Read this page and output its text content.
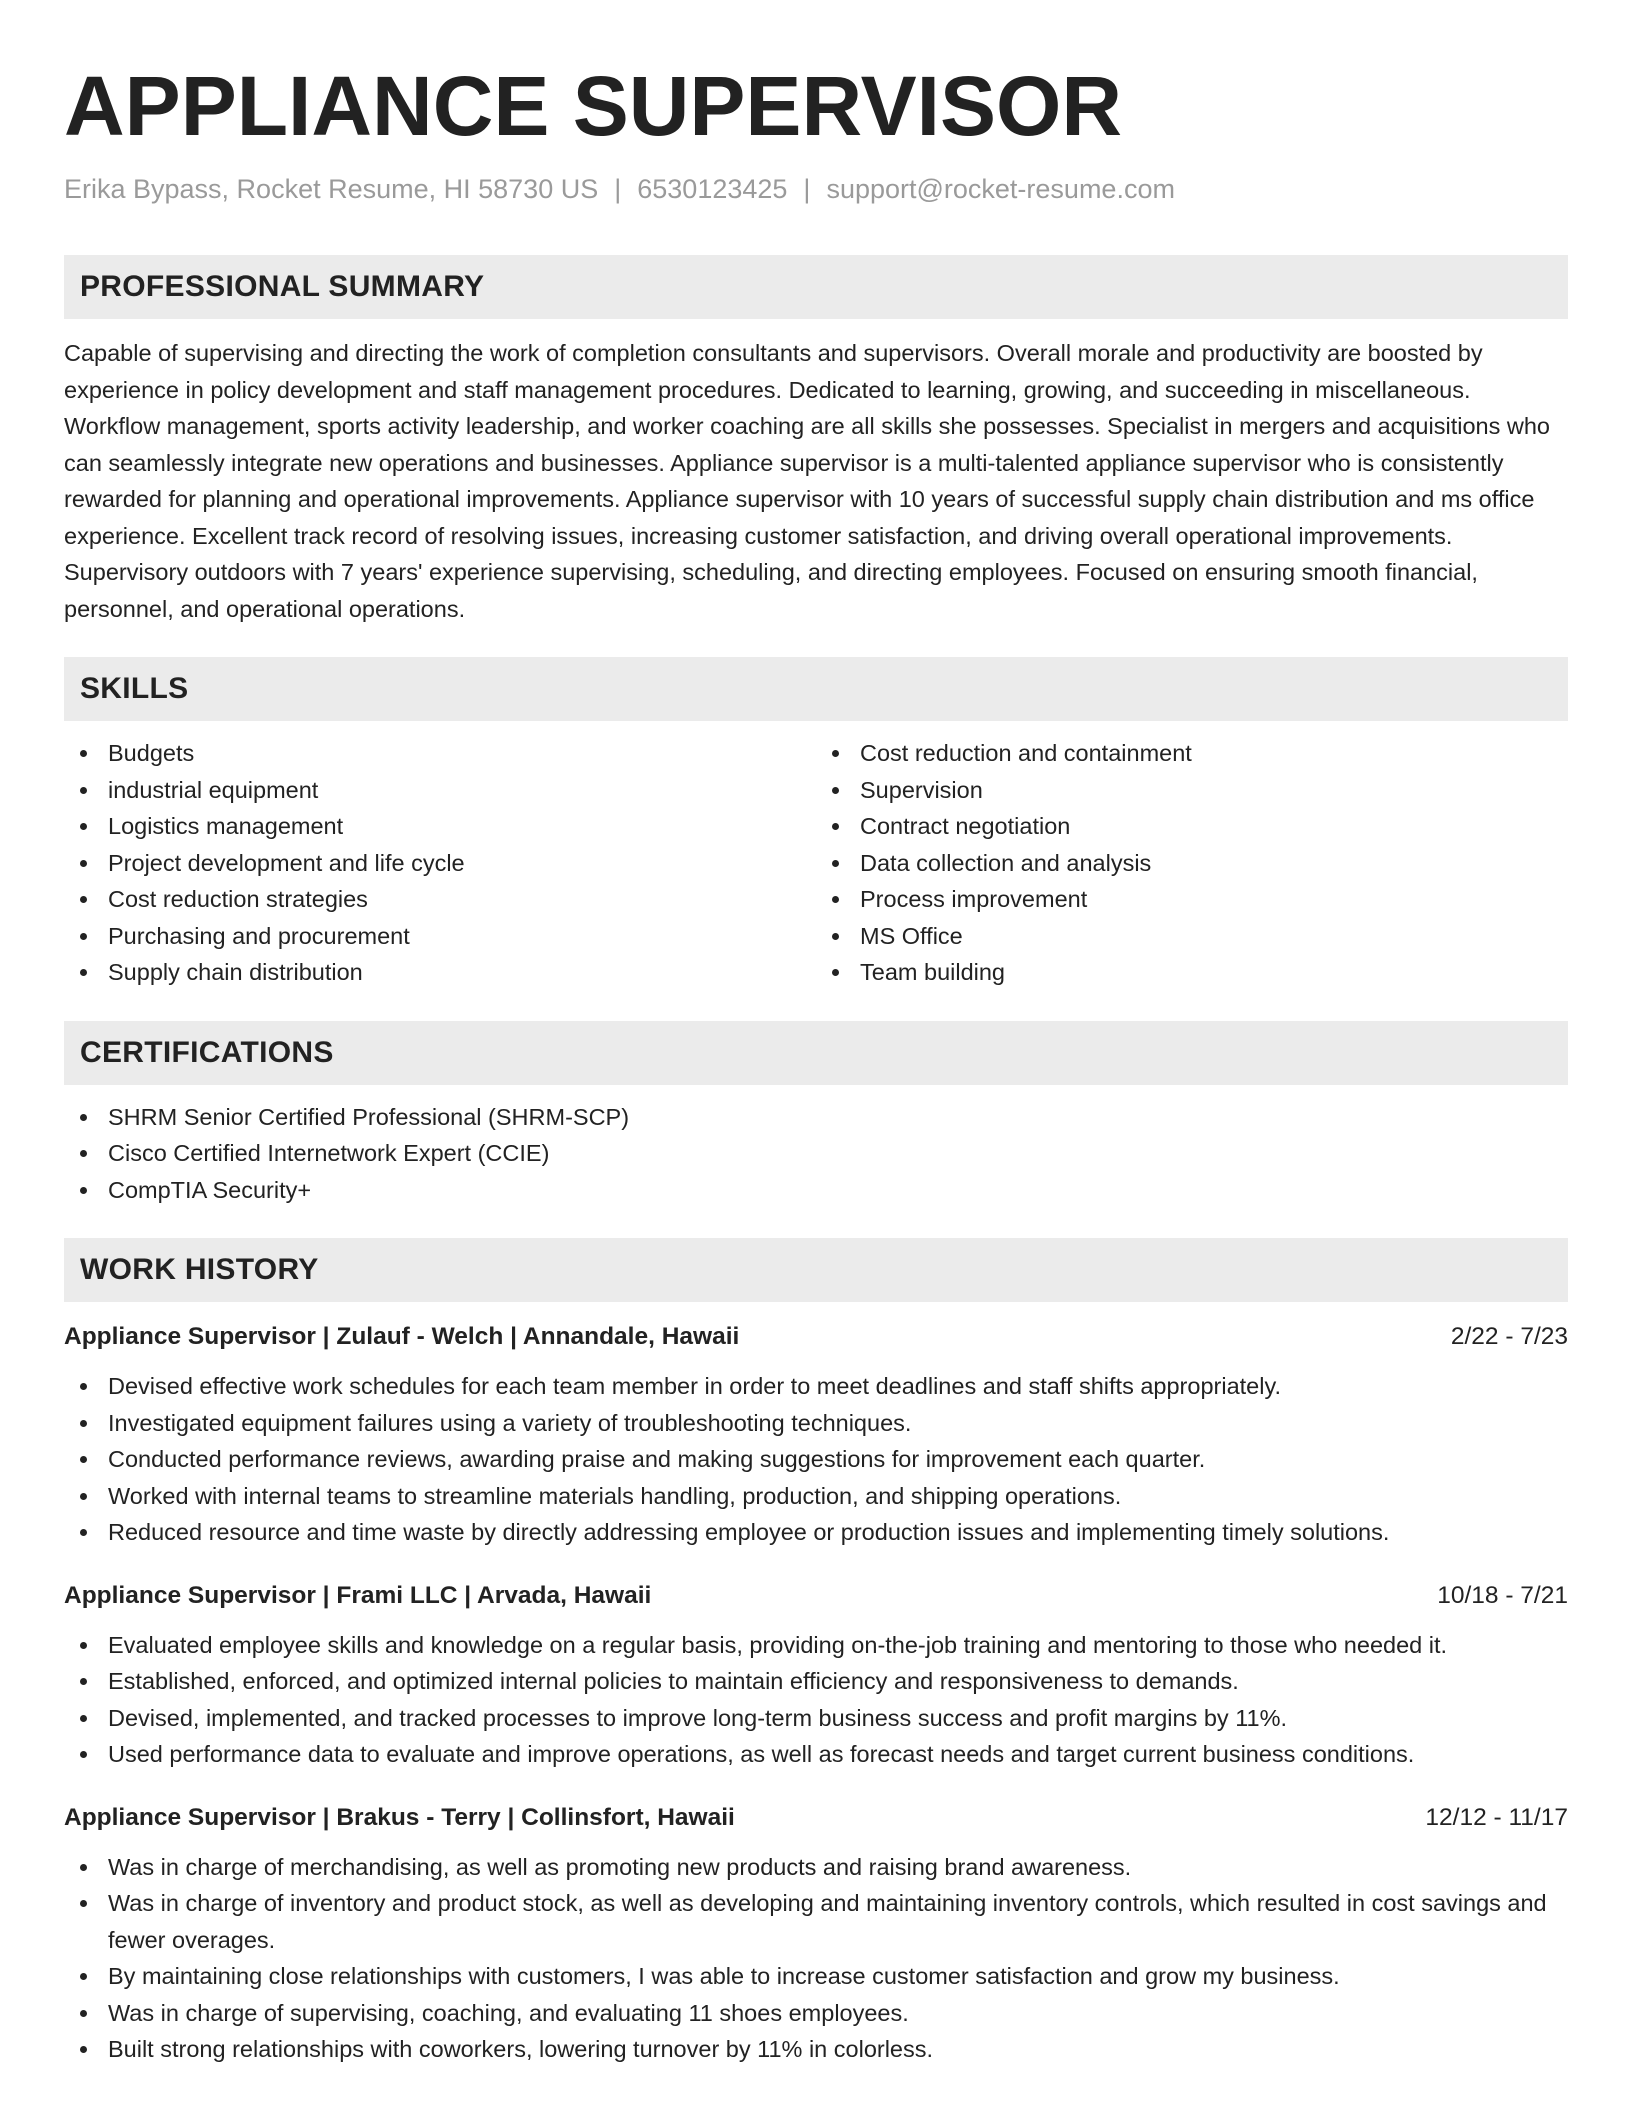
APPLIANCE SUPERVISOR
Erika Bypass, Rocket Resume, HI 58730 US | 6530123425 | support@rocket-resume.com
PROFESSIONAL SUMMARY

Capable of supervising and directing the work of completion consultants and supervisors. Overall morale and productivity are boosted by experience in policy development and staff management procedures. Dedicated to learning, growing, and succeeding in miscellaneous. Workflow management, sports activity leadership, and worker coaching are all skills she possesses. Specialist in mergers and acquisitions who can seamlessly integrate new operations and businesses. Appliance supervisor is a multi-talented appliance supervisor who is consistently rewarded for planning and operational improvements. Appliance supervisor with 10 years of successful supply chain distribution and ms office experience. Excellent track record of resolving issues, increasing customer satisfaction, and driving overall operational improvements. Supervisory outdoors with 7 years' experience supervising, scheduling, and directing employees. Focused on ensuring smooth financial, personnel, and operational operations.

SKILLS
Budgets
industrial equipment
Logistics management
Project development and life cycle
Cost reduction strategies
Purchasing and procurement
Supply chain distribution
Cost reduction and containment
Supervision
Contract negotiation
Data collection and analysis
Process improvement
MS Office
Team building
CERTIFICATIONS
SHRM Senior Certified Professional (SHRM-SCP)
Cisco Certified Internetwork Expert (CCIE)
CompTIA Security+
WORK HISTORY
Appliance Supervisor | Zulauf - Welch | Annandale, Hawaii	2/22 - 7/23
Devised effective work schedules for each team member in order to meet deadlines and staff shifts appropriately.
Investigated equipment failures using a variety of troubleshooting techniques.
Conducted performance reviews, awarding praise and making suggestions for improvement each quarter.
Worked with internal teams to streamline materials handling, production, and shipping operations.
Reduced resource and time waste by directly addressing employee or production issues and implementing timely solutions.
Appliance Supervisor | Frami LLC | Arvada, Hawaii	10/18 - 7/21
Evaluated employee skills and knowledge on a regular basis, providing on-the-job training and mentoring to those who needed it.
Established, enforced, and optimized internal policies to maintain efficiency and responsiveness to demands.
Devised, implemented, and tracked processes to improve long-term business success and profit margins by 11%.
Used performance data to evaluate and improve operations, as well as forecast needs and target current business conditions.
Appliance Supervisor | Brakus - Terry | Collinsfort, Hawaii	12/12 - 11/17
Was in charge of merchandising, as well as promoting new products and raising brand awareness.
Was in charge of inventory and product stock, as well as developing and maintaining inventory controls, which resulted in cost savings and fewer overages.
By maintaining close relationships with customers, I was able to increase customer satisfaction and grow my business.
Was in charge of supervising, coaching, and evaluating 11 shoes employees.
Built strong relationships with coworkers, lowering turnover by 11% in colorless.
